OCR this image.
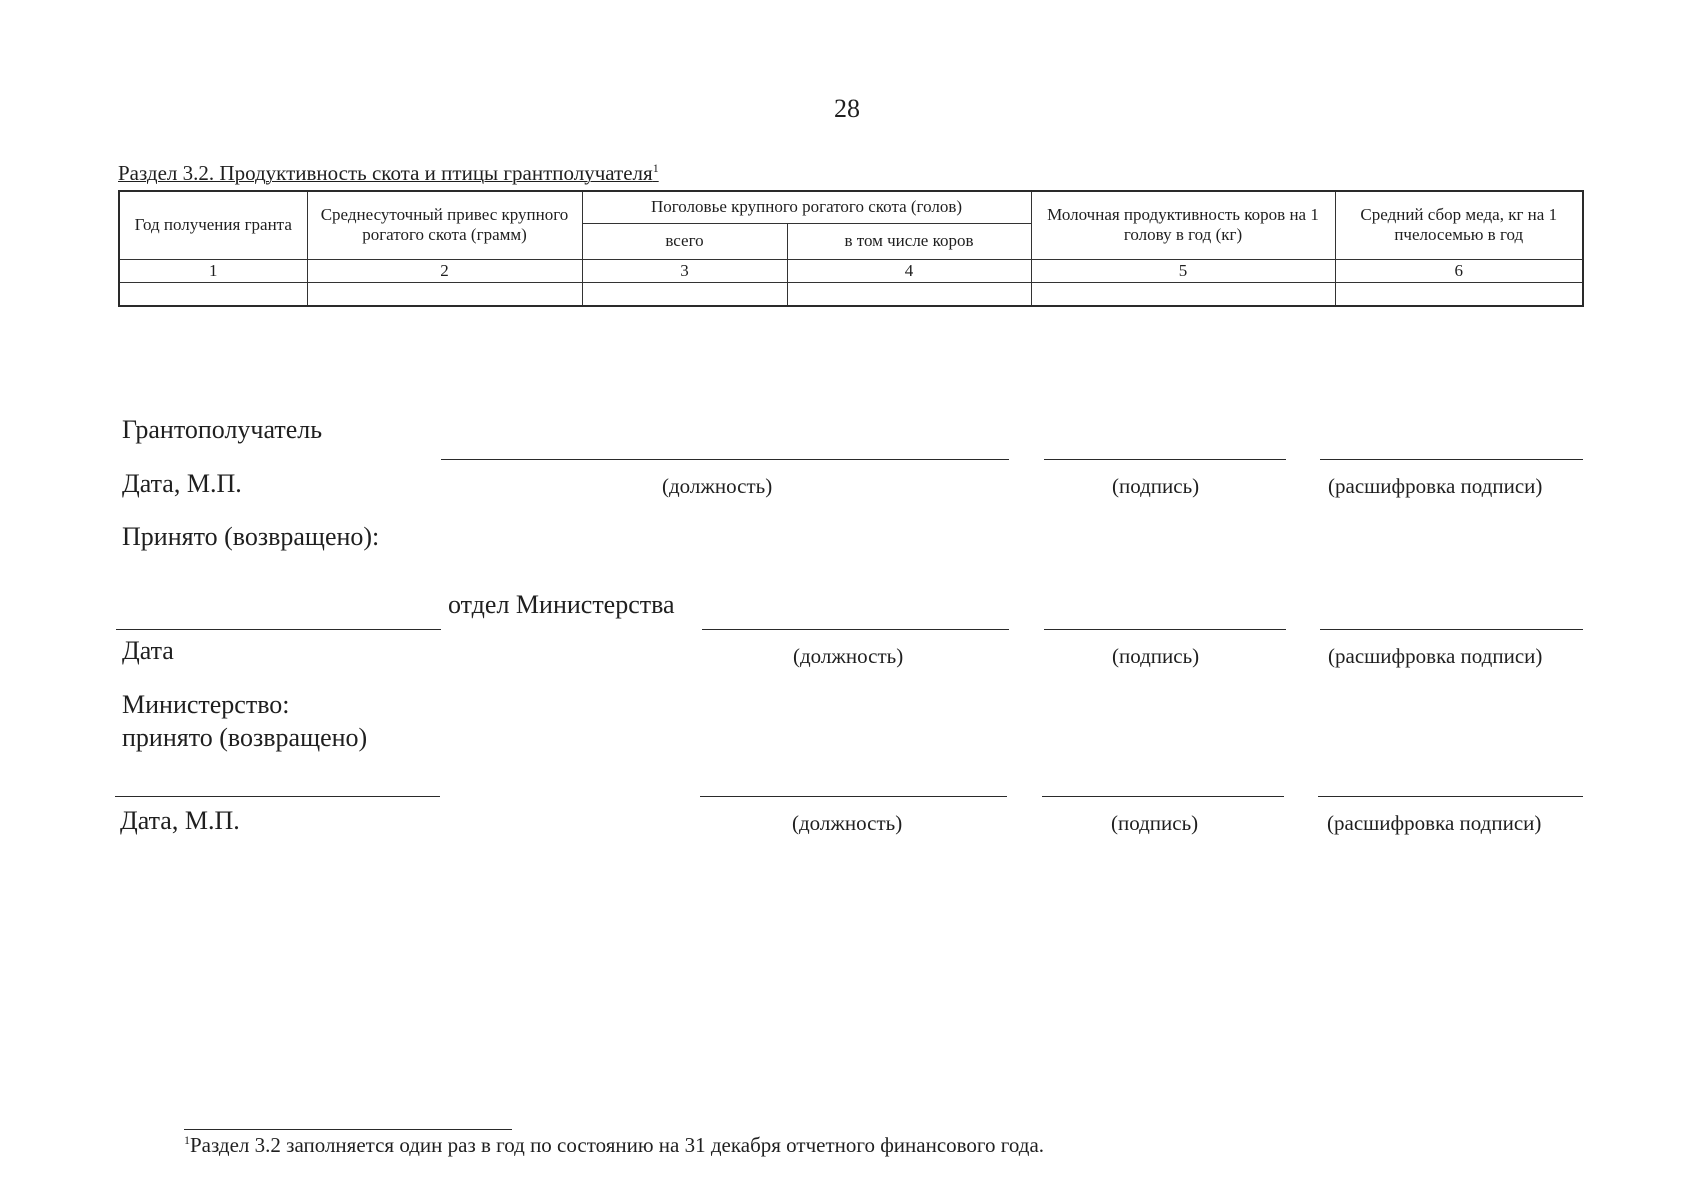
28
Раздел 3.2. Продуктивность скота и птицы грантполучателя$^1$
Год получения гранта	Среднесуточный привес крупного рогатого скота (грамм)	Поголовье крупного рогатого скота (голов)		Молочная продуктивность коров на 1 голову в год (кг)	Средний сбор меда, кг на 1 пчелосемью в год
		всего	в том числе коров		
1	2	3	4	5	6

Грантополучатель
Дата, М.П.	(должность)	(подпись)	(расшифровка подписи)
Принято (возвращено):
отдел Министерства
Дата	(должность)	(подпись)	(расшифровка подписи)
Министерство:
принято (возвращено)
Дата, М.П.	(должность)	(подпись)	(расшифровка подписи)
$^1$Раздел 3.2 заполняется один раз в год по состоянию на 31 декабря отчетного финансового года.
